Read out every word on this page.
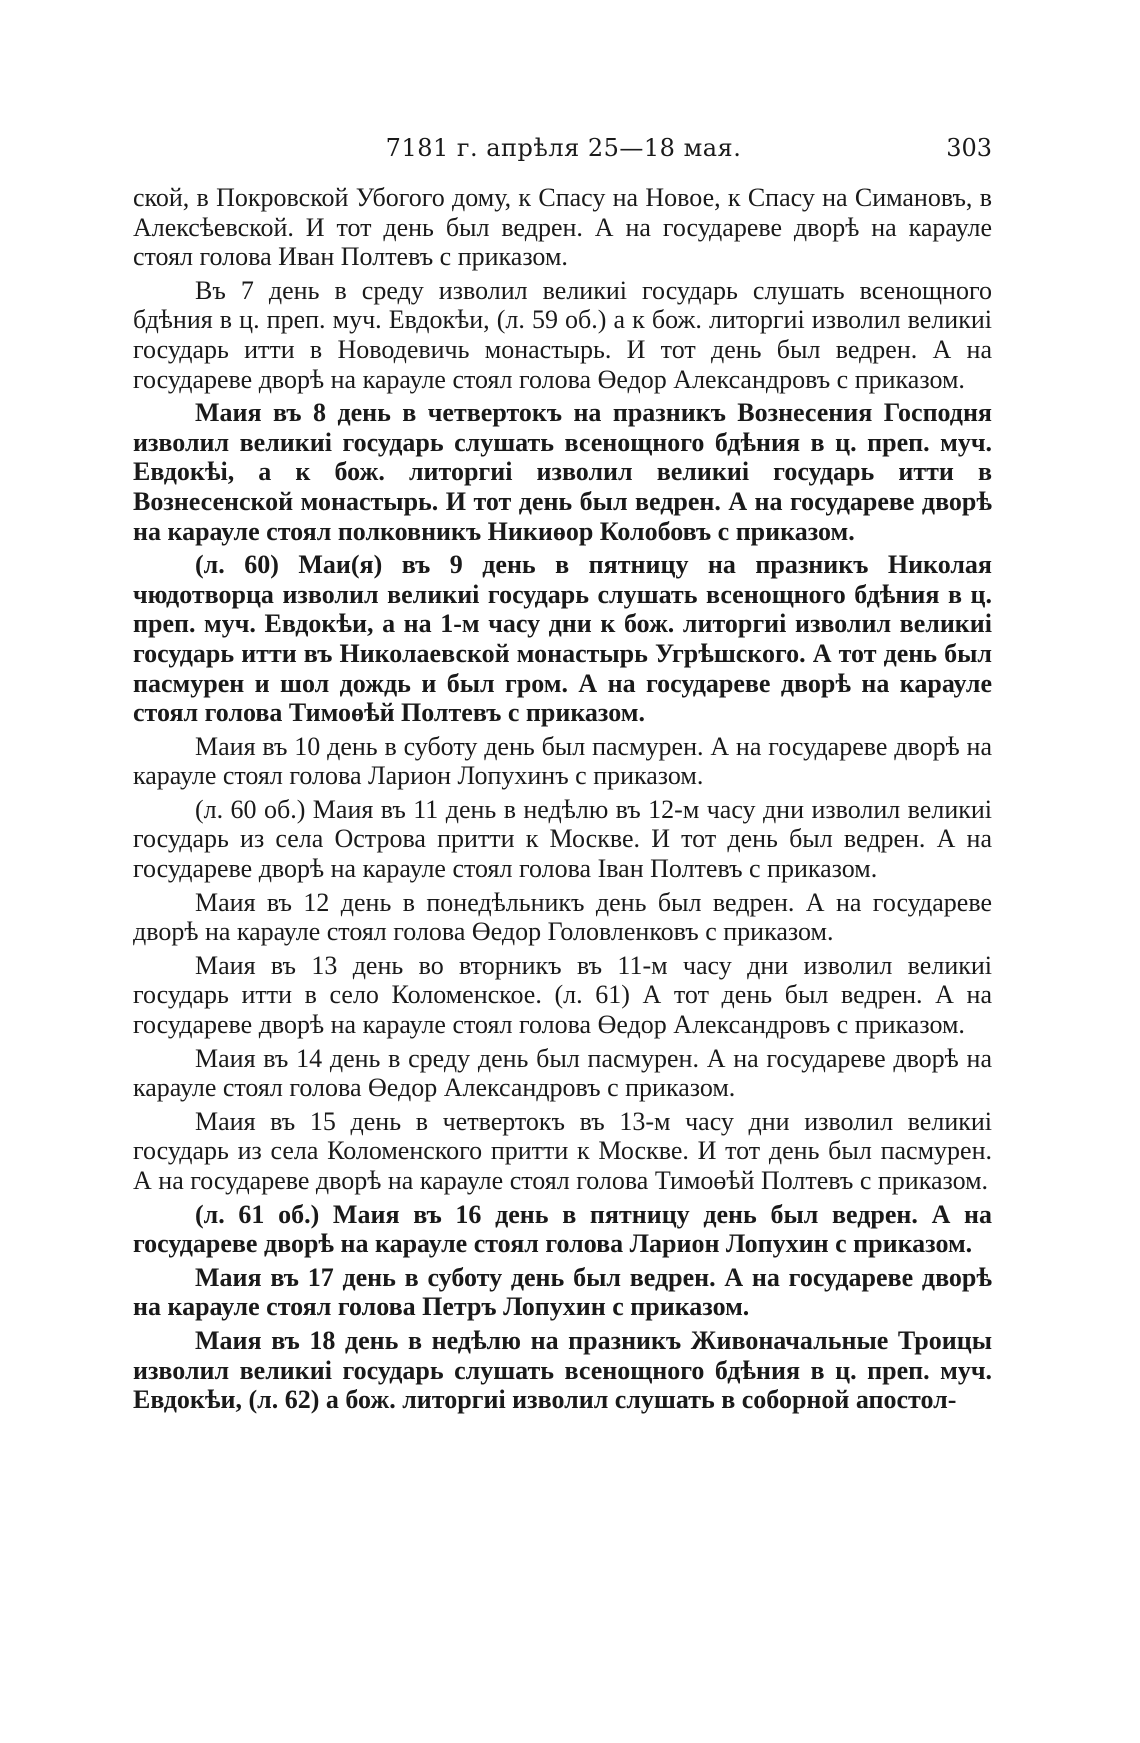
7181 г. апрѣля 25—18 мая.	303

ской, в Покровской Убогого дому, к Спасу на Новое, к Спасу на Симановъ, в Алексѣевской. И тот день был ведрен. А на государеве дворѣ на карауле стоял голова Иван Полтевъ с приказом.

Въ 7 день в среду изволил великиі государь слушать всенощного бдѣния в ц. преп. муч. Евдокѣи, (л. 59 об.) а к бож. литоргиі изволил великиі государь итти в Новодевичь монастырь. И тот день был ведрен. А на государеве дворѣ на карауле стоял голова Өедор Александровъ с приказом.

Маия въ 8 день в четвертокъ на празникъ Вознесения Господня изволил великиі государь слушать всенощного бдѣния в ц. преп. муч. Евдокѣі, а к бож. литоргиі изволил великиі государь итти в Вознесенской монастырь. И тот день был ведрен. А на государеве дворѣ на карауле стоял полковникъ Никиөор Колобовъ с приказом.

(л. 60) Маи(я) въ 9 день в пятницу на празникъ Николая чюдотворца изволил великиі государь слушать всенощного бдѣния в ц. преп. муч. Евдокѣи, а на 1-м часу дни к бож. литоргиі изволил великиі государь итти въ Николаевской монастырь Угрѣшского. А тот день был пасмурен и шол дождь и был гром. А на государеве дворѣ на карауле стоял голова Тимоөѣй Полтевъ с приказом.

Маия въ 10 день в суботу день был пасмурен. А на государеве дворѣ на карауле стоял голова Ларион Лопухинъ с приказом.

(л. 60 об.) Маия въ 11 день в недѣлю въ 12-м часу дни изволил великиі государь из села Острова притти к Москве. И тот день был ведрен. А на государеве дворѣ на карауле стоял голова Іван Полтевъ с приказом.

Маия въ 12 день в понедѣльникъ день был ведрен. А на государеве дворѣ на карауле стоял голова Өедор Головленковъ с приказом.

Маия въ 13 день во вторникъ въ 11-м часу дни изволил великиі государь итти в село Коломенское. (л. 61) А тот день был ведрен. А на государеве дворѣ на карауле стоял голова Өедор Александровъ с приказом.

Маия въ 14 день в среду день был пасмурен. А на государеве дворѣ на карауле стоял голова Өедор Александровъ с приказом.

Маия въ 15 день в четвертокъ въ 13-м часу дни изволил великиі государь из села Коломенского притти к Москве. И тот день был пасмурен. А на государеве дворѣ на карауле стоял голова Тимоөѣй Полтевъ с приказом.

(л. 61 об.) Маия въ 16 день в пятницу день был ведрен. А на государеве дворѣ на карауле стоял голова Ларион Лопухин с приказом.

Маия въ 17 день в суботу день был ведрен. А на государеве дворѣ на карауле стоял голова Петръ Лопухин с приказом.

Маия въ 18 день в недѣлю на празникъ Живоначальные Троицы изволил великиі государь слушать всенощного бдѣния в ц. преп. муч. Евдокѣи, (л. 62) а бож. литоргиі изволил слушать в соборной апостол-
